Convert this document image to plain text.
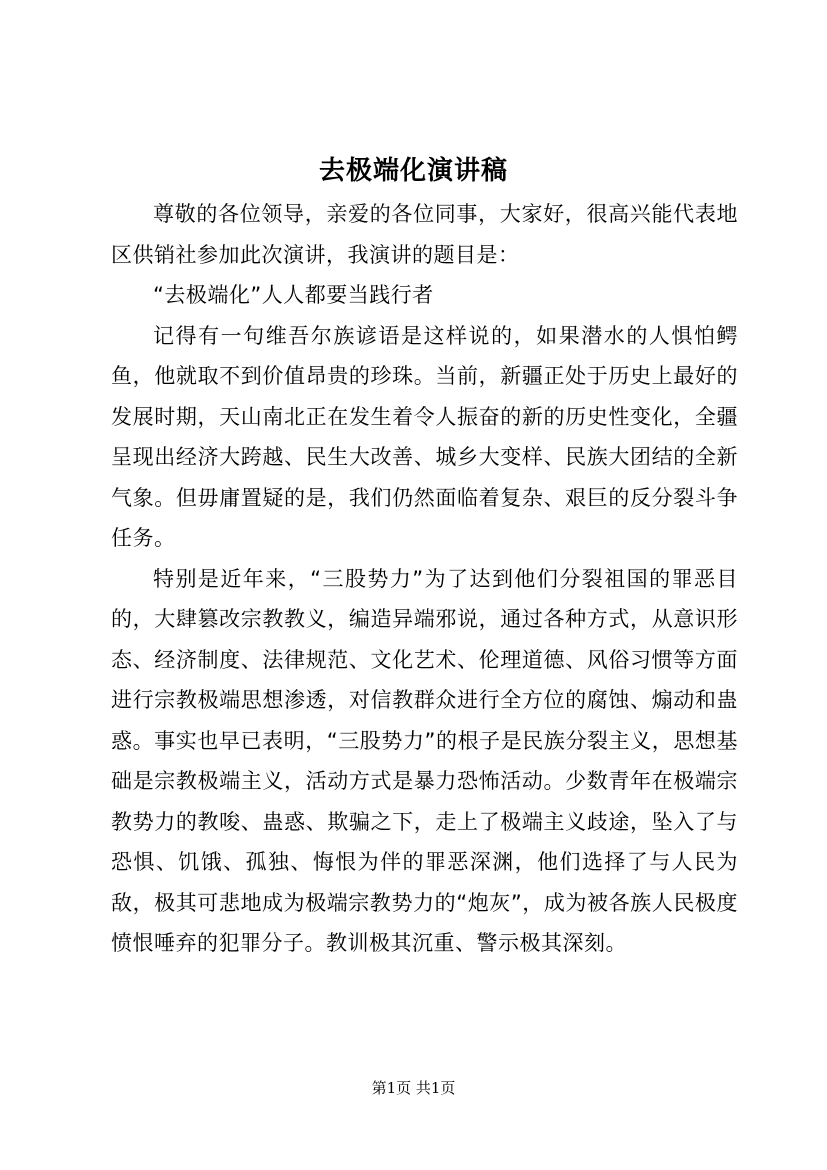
去极端化演讲稿

尊敬的各位领导，亲爱的各位同事，大家好，很高兴能代表地区供销社参加此次演讲，我演讲的题目是：

“去极端化”人人都要当践行者

记得有一句维吾尔族谚语是这样说的，如果潜水的人惧怕鳄鱼，他就取不到价值昂贵的珍珠。当前，新疆正处于历史上最好的发展时期，天山南北正在发生着令人振奋的新的历史性变化，全疆呈现出经济大跨越、民生大改善、城乡大变样、民族大团结的全新气象。但毋庸置疑的是，我们仍然面临着复杂、艰巨的反分裂斗争任务。

特别是近年来，“三股势力”为了达到他们分裂祖国的罪恶目的，大肆篡改宗教教义，编造异端邪说，通过各种方式，从意识形态、经济制度、法律规范、文化艺术、伦理道德、风俗习惯等方面进行宗教极端思想渗透，对信教群众进行全方位的腐蚀、煽动和蛊惑。事实也早已表明，“三股势力”的根子是民族分裂主义，思想基础是宗教极端主义，活动方式是暴力恐怖活动。少数青年在极端宗教势力的教唆、蛊惑、欺骗之下，走上了极端主义歧途，坠入了与恐惧、饥饿、孤独、悔恨为伴的罪恶深渊，他们选择了与人民为敌，极其可悲地成为极端宗教势力的“炮灰”，成为被各族人民极度愤恨唾弃的犯罪分子。教训极其沉重、警示极其深刻。

第1页 共1页
